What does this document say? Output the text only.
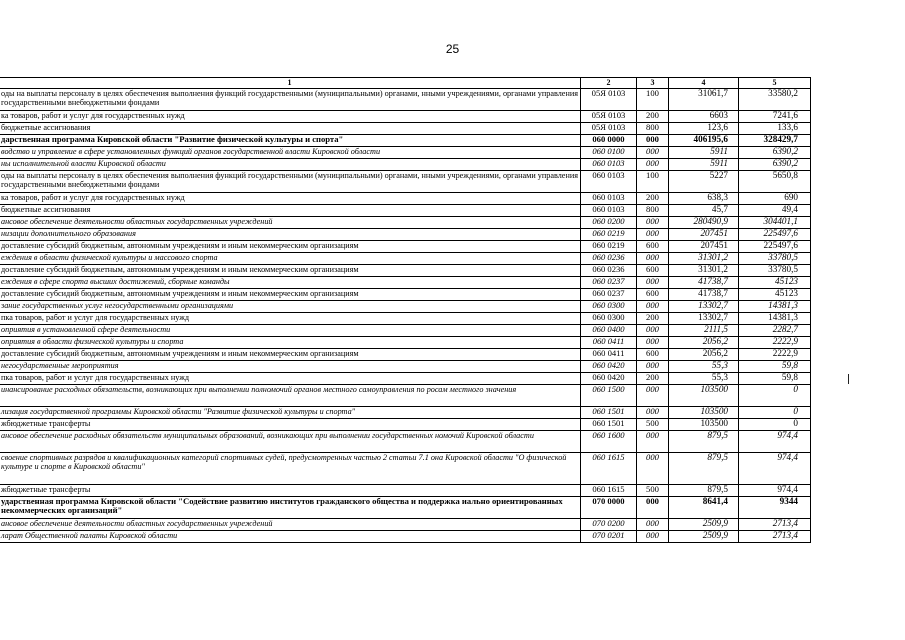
25
1	2	3	4	5
оды на выплаты персоналу в целях обеспечения выполнения функций государственными (муниципальными) органами, нными учреждениями, органами управления государственными внебюджетными фондами	05Я 0103	100	31061,7	33580,2
ка товаров, работ и услуг для государственных нужд	05Я 0103	200	6603	7241,6
бюджетные ассигнования	05Я 0103	800	123,6	133,6
дарственная программа Кировской области "Развитие физической культуры и спорта"	060 0000	000	406195,6	328429,7
водство и управление в сфере установленных функций органов государственной власти Кировской области	060 0100	000	5911	6390,2
ны исполнительной власти Кировской области	060 0103	000	5911	6390,2
оды на выплаты персоналу в целях обеспечения выполнения функций государственными (муниципальными) органами, нными учреждениями, органами управления государственными внебюджетными фондами	060 0103	100	5227	5650,8
ка товаров, работ и услуг для государственных нужд	060 0103	200	638,3	690
бюджетные ассигнования	060 0103	800	45,7	49,4
ансовое обеспечение деятельности областных государственных учреждений	060 0200	000	280490,9	304401,1
низации дополнительного образования	060 0219	000	207451	225497,6
доставление субсидий бюджетным, автономным учреждениям и иным некоммерческим организациям	060 0219	600	207451	225497,6
еждения в области физической культуры и массового спорта	060 0236	000	31301,2	33780,5
доставление субсидий бюджетным, автономным учреждениям и иным некоммерческим организациям	060 0236	600	31301,2	33780,5
еждения в сфере спорта высших достижений, сборные команды	060 0237	000	41738,7	45123
доставление субсидий бюджетным, автономным учреждениям и иным некоммерческим организациям	060 0237	600	41738,7	45123
зание государственных услуг негосударственными организациями	060 0300	000	13302,7	14381,3
пка товаров, работ и услуг для государственных нужд	060 0300	200	13302,7	14381,3
оприятия в установленной сфере деятельности	060 0400	000	2111,5	2282,7
оприятия в области физической культуры и спорта	060 0411	000	2056,2	2222,9
доставление субсидий бюджетным, автономным учреждениям и иным некоммерческим организациям	060 0411	600	2056,2	2222,9
негосударственные мероприятия	060 0420	000	55,3	59,8
пка товаров, работ и услуг для государственных нужд	060 0420	200	55,3	59,8
инансирование расходных обязательств, возникающих при выполнении полномочий органов местного самоуправления по росам местного значения	060 1500	000	103500	0
лизация государственной программы Кировской области "Развитие физической культуры и спорта"	060 1501	000	103500	0
жбюджетные трансферты	060 1501	500	103500	0
ансовое обеспечение расходных обязательств муниципальных образований, возникающих при выполнении государственных номочий Кировской области	060 1600	000	879,5	974,4
своение спортивных разрядов и квалификационных категорий спортивных судей, предусмотренных частью 2 статьи 7.1 она Кировской области "О физической культуре и спорте в Кировской области"	060 1615	000	879,5	974,4
жбюджетные трансферты	060 1615	500	879,5	974,4
ударственная программа Кировской области "Содействие развитию институтов гражданского общества и поддержка иально ориентированных некоммерческих организаций"	070 0000	000	8641,4	9344
ансовое обеспечение деятельности областных государственных учреждений	070 0200	000	2509,9	2713,4
ларат Общественной палаты Кировской области	070 0201	000	2509,9	2713,4
